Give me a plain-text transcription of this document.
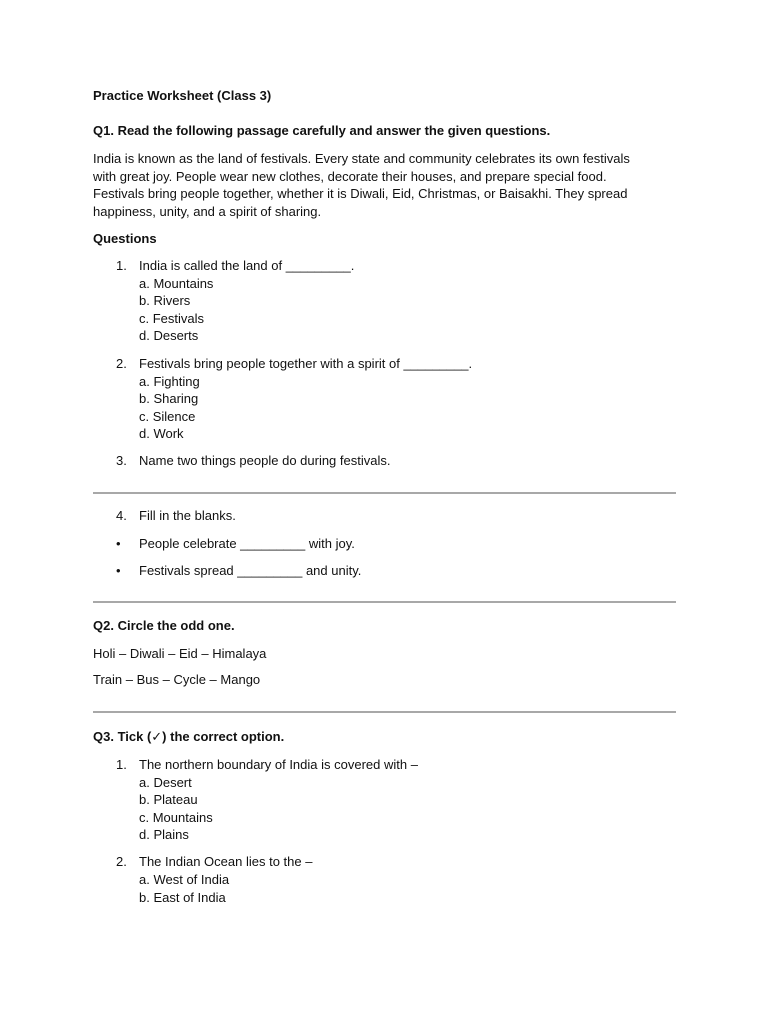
Practice Worksheet (Class 3)
Q1. Read the following passage carefully and answer the given questions.
India is known as the land of festivals. Every state and community celebrates its own festivals
with great joy. People wear new clothes, decorate their houses, and prepare special food.
Festivals bring people together, whether it is Diwali, Eid, Christmas, or Baisakhi. They spread
happiness, unity, and a spirit of sharing.
Questions
1. India is called the land of _________.
a. Mountains
b. Rivers
c. Festivals
d. Deserts
2. Festivals bring people together with a spirit of _________.
a. Fighting
b. Sharing
c. Silence
d. Work
3. Name two things people do during festivals.
4. Fill in the blanks.
• People celebrate _________ with joy.
• Festivals spread _________ and unity.
Q2. Circle the odd one.
Holi – Diwali – Eid – Himalaya
Train – Bus – Cycle – Mango
Q3. Tick (✓) the correct option.
1. The northern boundary of India is covered with –
a. Desert
b. Plateau
c. Mountains
d. Plains
2. The Indian Ocean lies to the –
a. West of India
b. East of India
